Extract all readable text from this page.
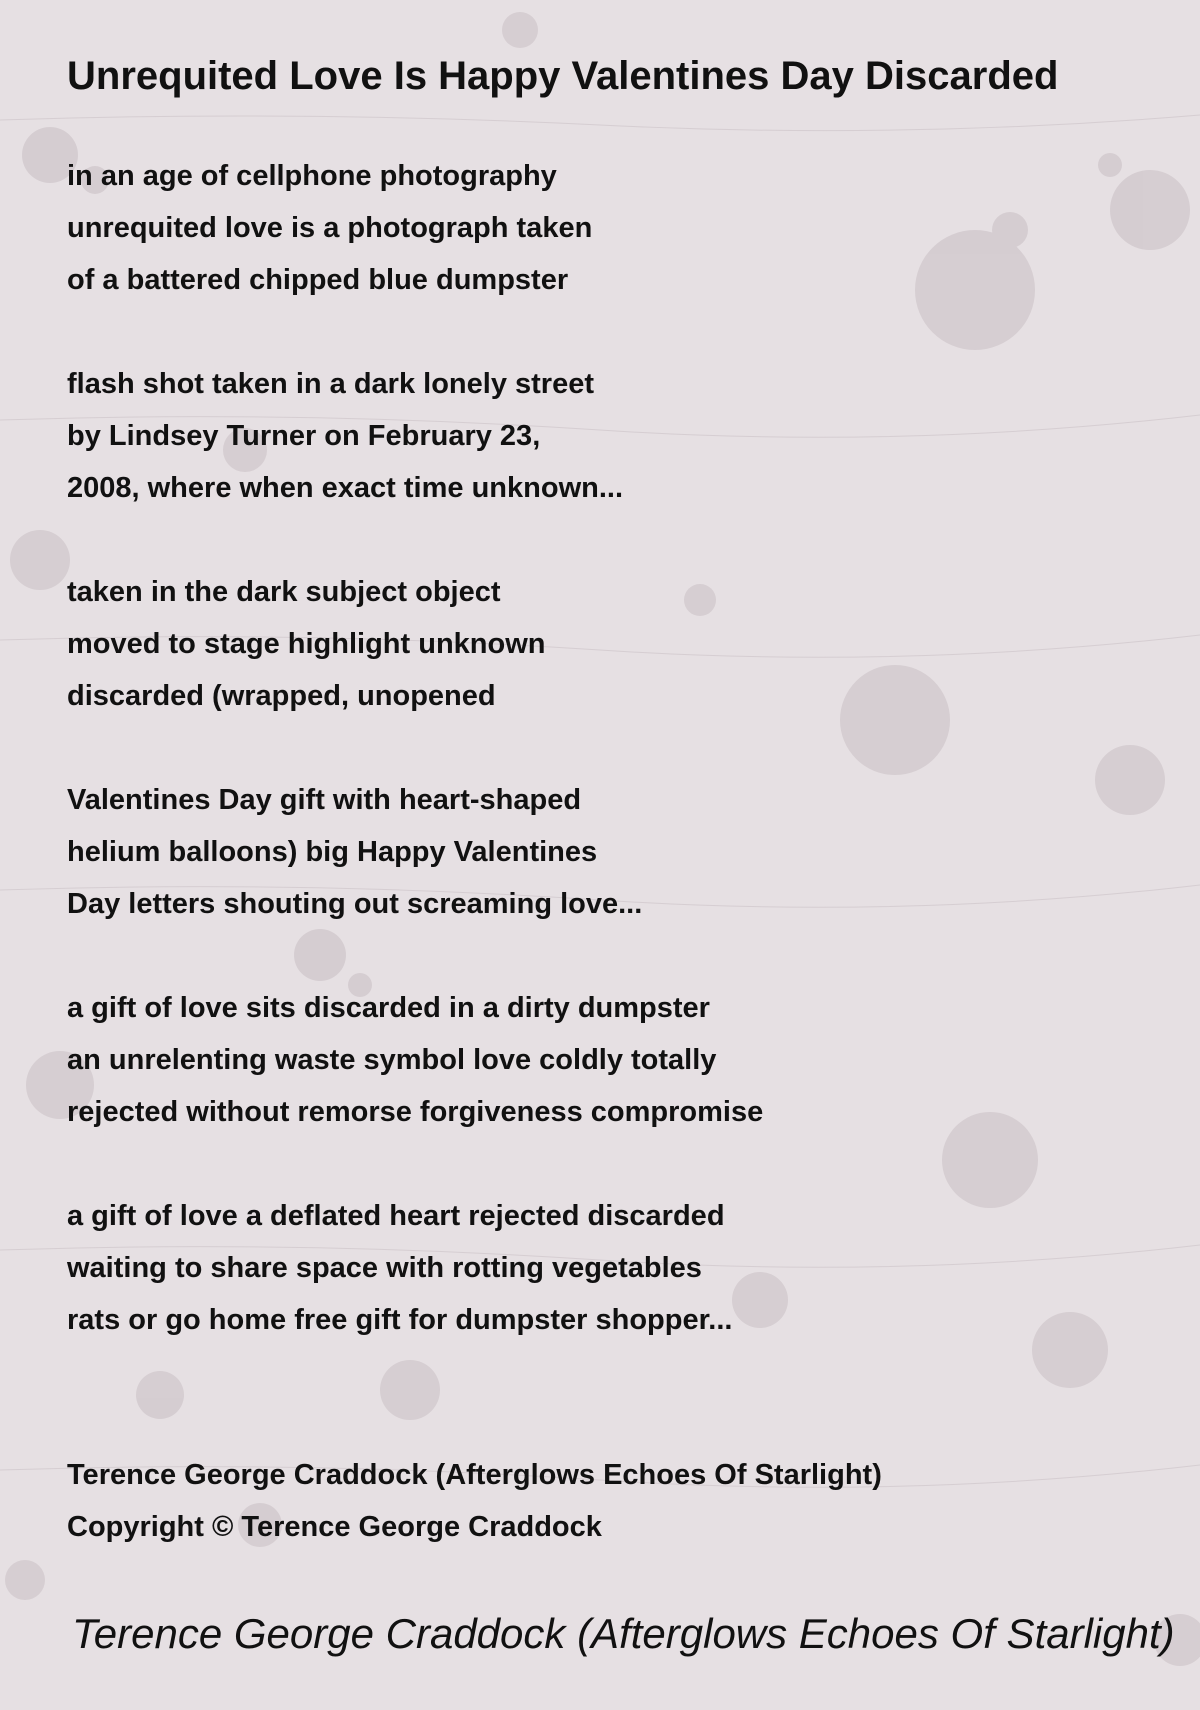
Unrequited Love Is Happy Valentines Day Discarded
in an age of cellphone photography
unrequited love is a photograph taken
of a battered chipped blue dumpster
flash shot taken in a dark lonely street
by Lindsey Turner on February 23,
2008, where when exact time unknown...
taken in the dark subject object
moved to stage highlight unknown
discarded (wrapped, unopened
Valentines Day gift with heart-shaped
helium balloons) big Happy Valentines
Day letters shouting out screaming love...
a gift of love sits discarded in a dirty dumpster
an unrelenting waste symbol love coldly totally
rejected without remorse forgiveness compromise
a gift of love a deflated heart rejected discarded
waiting to share space with rotting vegetables
rats or go home free gift for dumpster shopper...
Terence George Craddock (Afterglows Echoes Of Starlight)
Copyright © Terence George Craddock
Terence George Craddock (Afterglows Echoes Of Starlight)
